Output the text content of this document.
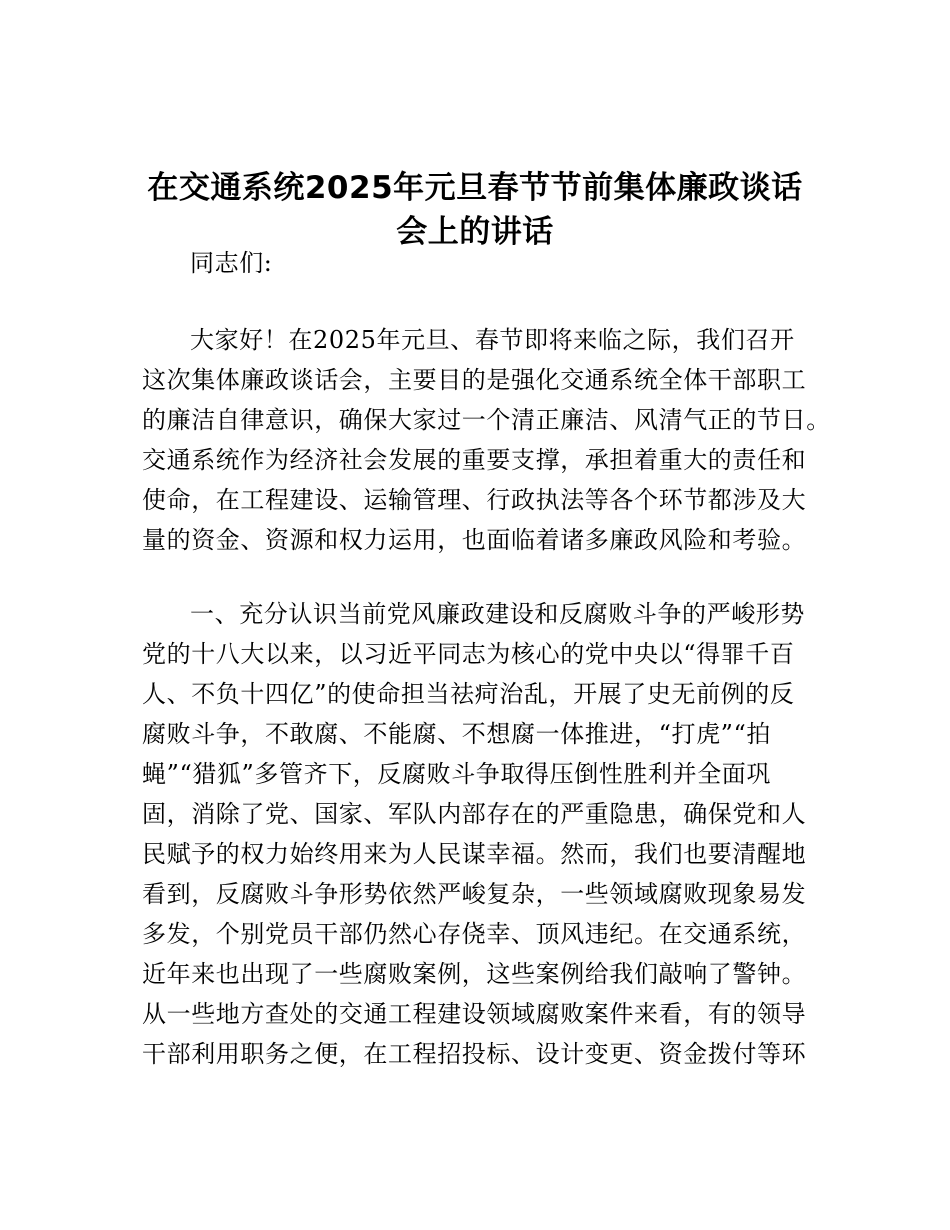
在交通系统2025年元旦春节节前集体廉政谈话
会上的讲话
同志们:
大家好！在2025年元旦、春节即将来临之际，我们召开
这次集体廉政谈话会，主要目的是强化交通系统全体干部职工
的廉洁自律意识，确保大家过一个清正廉洁、风清气正的节日。
交通系统作为经济社会发展的重要支撑，承担着重大的责任和
使命，在工程建设、运输管理、行政执法等各个环节都涉及大
量的资金、资源和权力运用，也面临着诸多廉政风险和考验。
一、充分认识当前党风廉政建设和反腐败斗争的严峻形势
党的十八大以来，以习近平同志为核心的党中央以“得罪千百
人、不负十四亿”的使命担当祛疴治乱，开展了史无前例的反
腐败斗争，不敢腐、不能腐、不想腐一体推进，“打虎”“拍
蝇”“猎狐”多管齐下，反腐败斗争取得压倒性胜利并全面巩
固，消除了党、国家、军队内部存在的严重隐患，确保党和人
民赋予的权力始终用来为人民谋幸福。然而，我们也要清醒地
看到，反腐败斗争形势依然严峻复杂，一些领域腐败现象易发
多发，个别党员干部仍然心存侥幸、顶风违纪。在交通系统，
近年来也出现了一些腐败案例，这些案例给我们敲响了警钟。
从一些地方查处的交通工程建设领域腐败案件来看，有的领导
干部利用职务之便，在工程招投标、设计变更、资金拨付等环
